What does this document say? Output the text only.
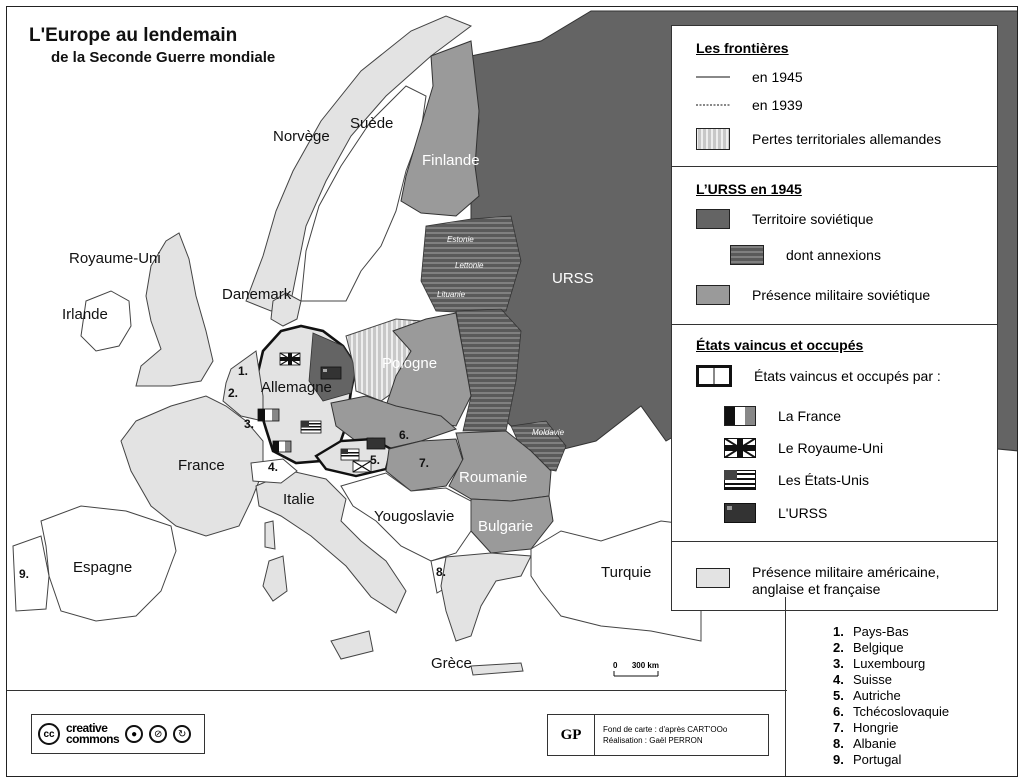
L'Europe au lendemain
de la Seconde Guerre mondiale
Norvège
Suède
Finlande
Royaume-Uni
Irlande
Danemark
Allemagne
Pologne
URSS
France
Italie
Yougoslavie
Roumanie
Bulgarie
Espagne	Turquie
Grèce
Estonie
Lettonie
Lituanie
Moldavie
1.
2.
3.
4.	5.
6.
7.
8.
9.
Les frontières
en 1945
en 1939
Pertes territoriales allemandes
L’URSS en 1945
Territoire soviétique
dont annexions
Présence militaire soviétique
États vaincus et occupés
États vaincus et occupés par :
La France
Le Royaume-Uni
Les États-Unis
L'URSS
Présence militaire américaine,
anglaise et française
1. Pays-Bas
2. Belgique
3. Luxembourg
4. Suisse
5. Autriche
6. Tchécoslovaquie
7. Hongrie
8. Albanie
9. Portugal
0 300 km
cc creative
commons	●	⊘	↻	GP	Fond de carte : d'après CART'OOo
Réalisation : Gaël PERRON
